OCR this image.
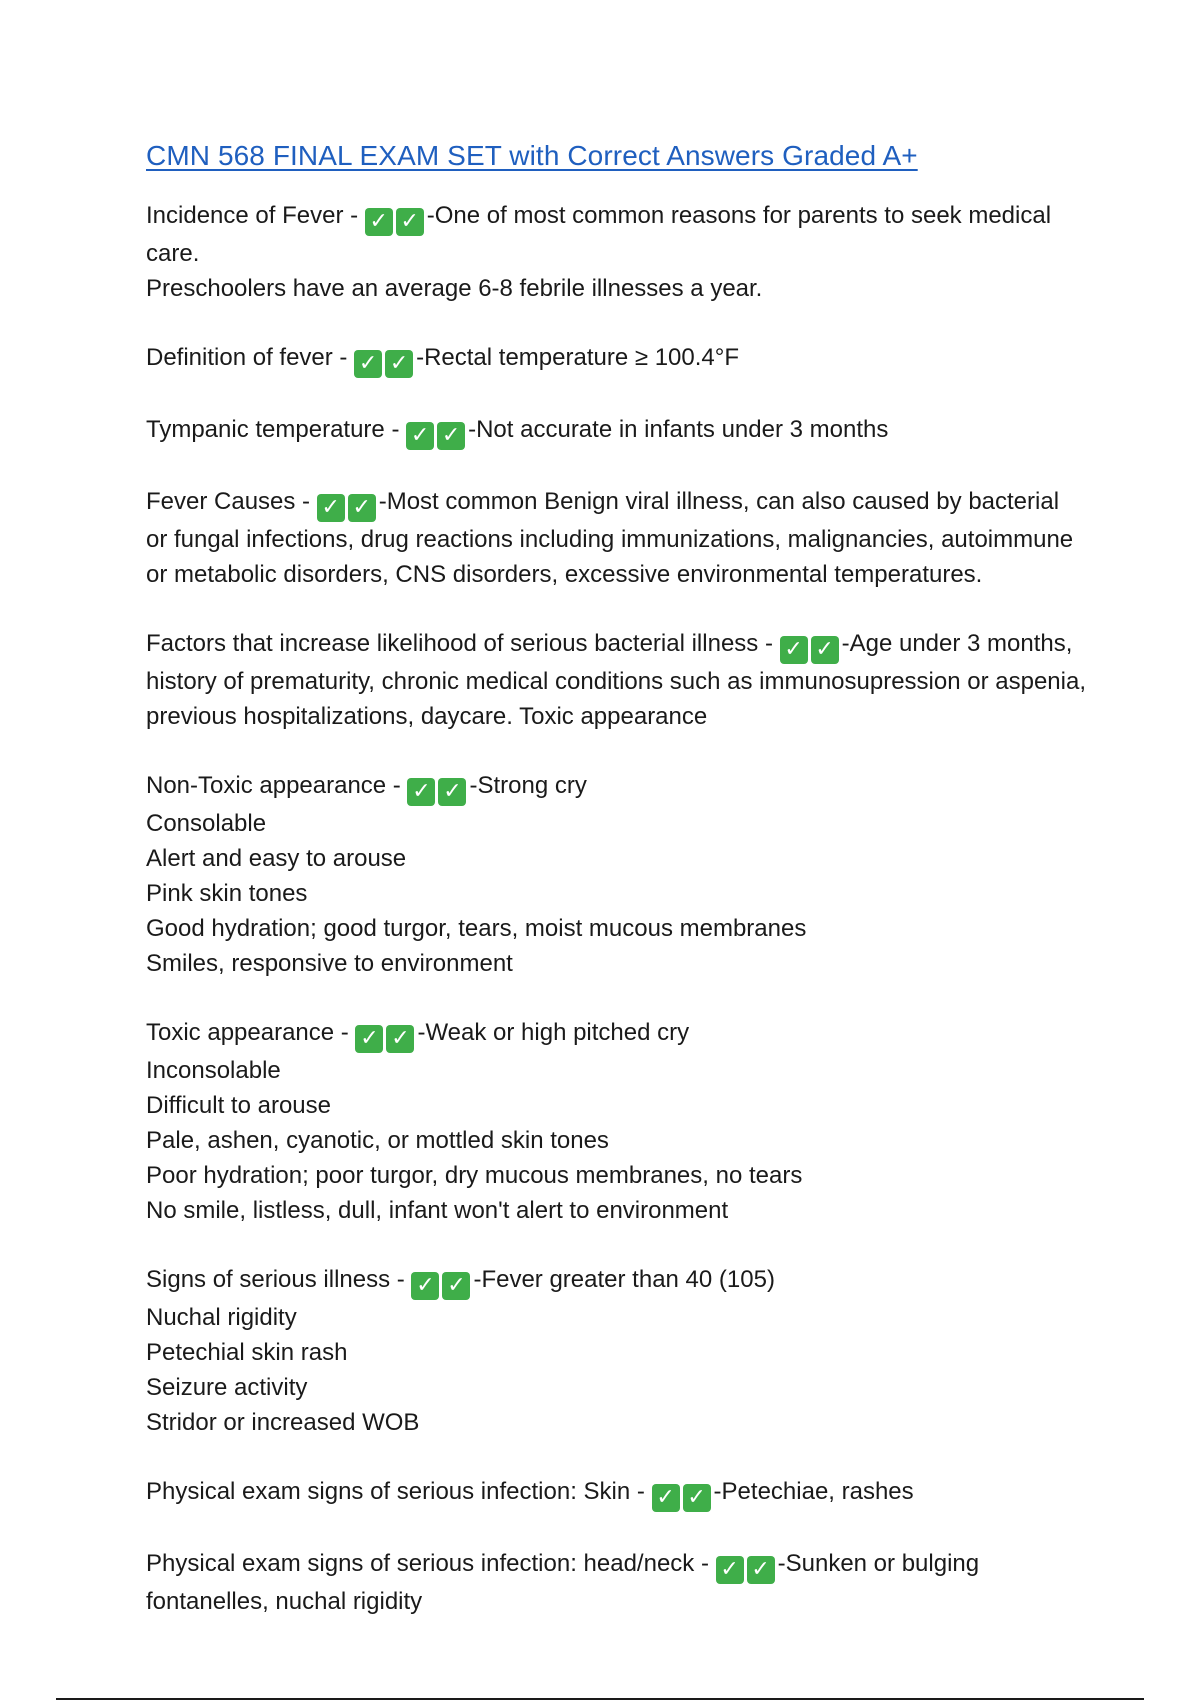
CMN 568 FINAL EXAM SET with Correct Answers Graded A+
Incidence of Fever - ✓ ✓ -One of most common reasons for parents to seek medical care.
Preschoolers have an average 6-8 febrile illnesses a year.
Definition of fever - ✓ ✓ -Rectal temperature ≥ 100.4°F
Tympanic temperature - ✓ ✓ -Not accurate in infants under 3 months
Fever Causes - ✓ ✓ -Most common Benign viral illness, can also caused by bacterial or fungal infections, drug reactions including immunizations, malignancies, autoimmune or metabolic disorders, CNS disorders, excessive environmental temperatures.
Factors that increase likelihood of serious bacterial illness - ✓ ✓ -Age under 3 months, history of prematurity, chronic medical conditions such as immunosupression or aspenia, previous hospitalizations, daycare. Toxic appearance
Non-Toxic appearance - ✓ ✓ -Strong cry
Consolable
Alert and easy to arouse
Pink skin tones
Good hydration; good turgor, tears, moist mucous membranes
Smiles, responsive to environment
Toxic appearance - ✓ ✓ -Weak or high pitched cry
Inconsolable
Difficult to arouse
Pale, ashen, cyanotic, or mottled skin tones
Poor hydration; poor turgor, dry mucous membranes, no tears
No smile, listless, dull, infant won't alert to environment
Signs of serious illness - ✓ ✓ -Fever greater than 40 (105)
Nuchal rigidity
Petechial skin rash
Seizure activity
Stridor or increased WOB
Physical exam signs of serious infection: Skin - ✓ ✓ -Petechiae, rashes
Physical exam signs of serious infection: head/neck - ✓ ✓ -Sunken or bulging fontanelles, nuchal rigidity
